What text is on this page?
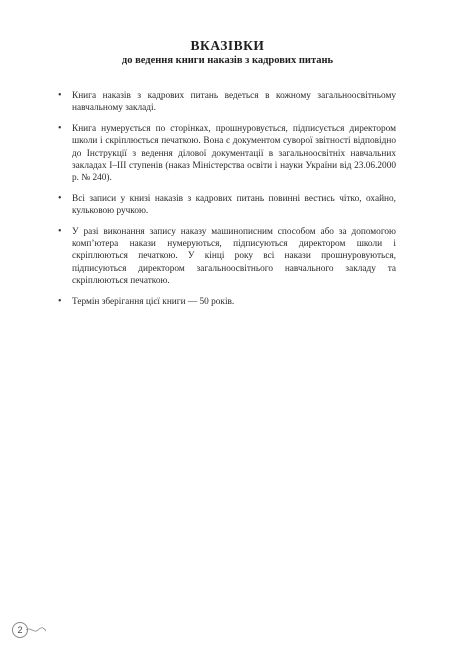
ВКАЗІВКИ
до ведення книги наказів з кадрових питань
• Книга наказів з кадрових питань ведеться в кожному загальноосвітньому навчальному закладі.
• Книга нумерується по сторінках, прошнуровується, підписується директором школи і скріплюється печаткою. Вона є документом суворої звітності відповідно до Інструкції з ведення ділової документації в загальноосвітніх навчальних закладах І–ІІІ ступенів (наказ Міністерства освіти і науки України від 23.06.2000 р. № 240).
• Всі записи у книзі наказів з кадрових питань повинні вестись чітко, охайно, кульковою ручкою.
• У разі виконання запису наказу машинописним способом або за допомогою комп’ютера накази нумеруються, підписуються директором школи і скріплюються печаткою. У кінці року всі накази прошнуровуються, підписуються директором загальноосвітнього навчального закладу та скріплюються печаткою.
• Термін зберігання цієї книги — 50 років.
2
